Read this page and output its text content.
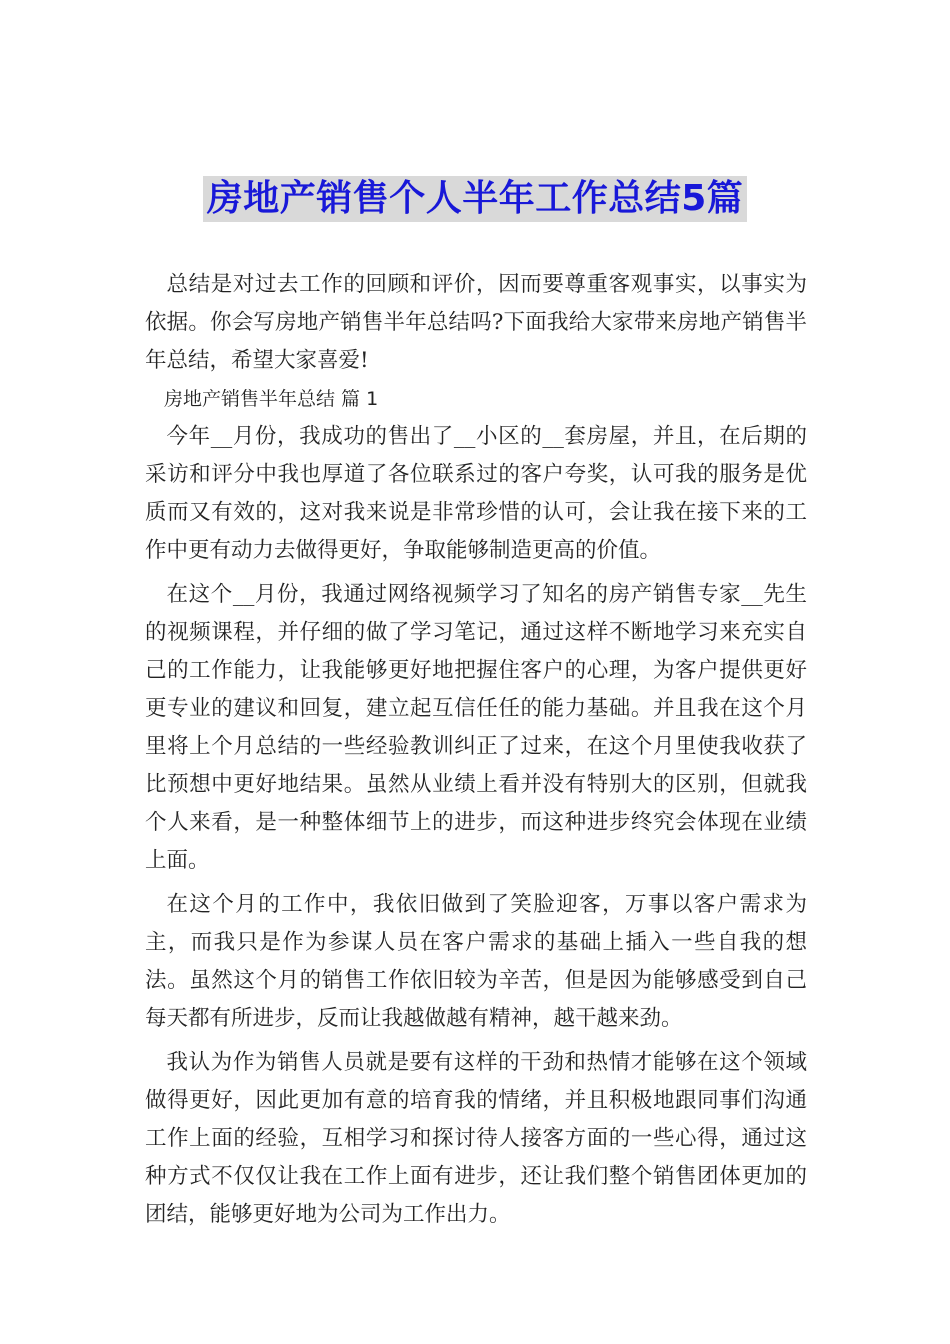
房地产销售个人半年工作总结5篇

总结是对过去工作的回顾和评价，因而要尊重客观事实，以事实为依据。你会写房地产销售半年总结吗?下面我给大家带来房地产销售半年总结，希望大家喜爱!

房地产销售半年总结 篇 1

今年__月份，我成功的售出了__小区的__套房屋，并且，在后期的采访和评分中我也厚道了各位联系过的客户夸奖，认可我的服务是优质而又有效的，这对我来说是非常珍惜的认可，会让我在接下来的工作中更有动力去做得更好，争取能够制造更高的价值。

在这个__月份，我通过网络视频学习了知名的房产销售专家__先生的视频课程，并仔细的做了学习笔记，通过这样不断地学习来充实自己的工作能力，让我能够更好地把握住客户的心理，为客户提供更好更专业的建议和回复，建立起互信任任的能力基础。并且我在这个月里将上个月总结的一些经验教训纠正了过来，在这个月里使我收获了比预想中更好地结果。虽然从业绩上看并没有特别大的区别，但就我个人来看，是一种整体细节上的进步，而这种进步终究会体现在业绩上面。

在这个月的工作中，我依旧做到了笑脸迎客，万事以客户需求为主，而我只是作为参谋人员在客户需求的基础上插入一些自我的想法。虽然这个月的销售工作依旧较为辛苦，但是因为能够感受到自己每天都有所进步，反而让我越做越有精神，越干越来劲。

我认为作为销售人员就是要有这样的干劲和热情才能够在这个领域做得更好，因此更加有意的培育我的情绪，并且积极地跟同事们沟通工作上面的经验，互相学习和探讨待人接客方面的一些心得，通过这种方式不仅仅让我在工作上面有进步，还让我们整个销售团体更加的团结，能够更好地为公司为工作出力。
